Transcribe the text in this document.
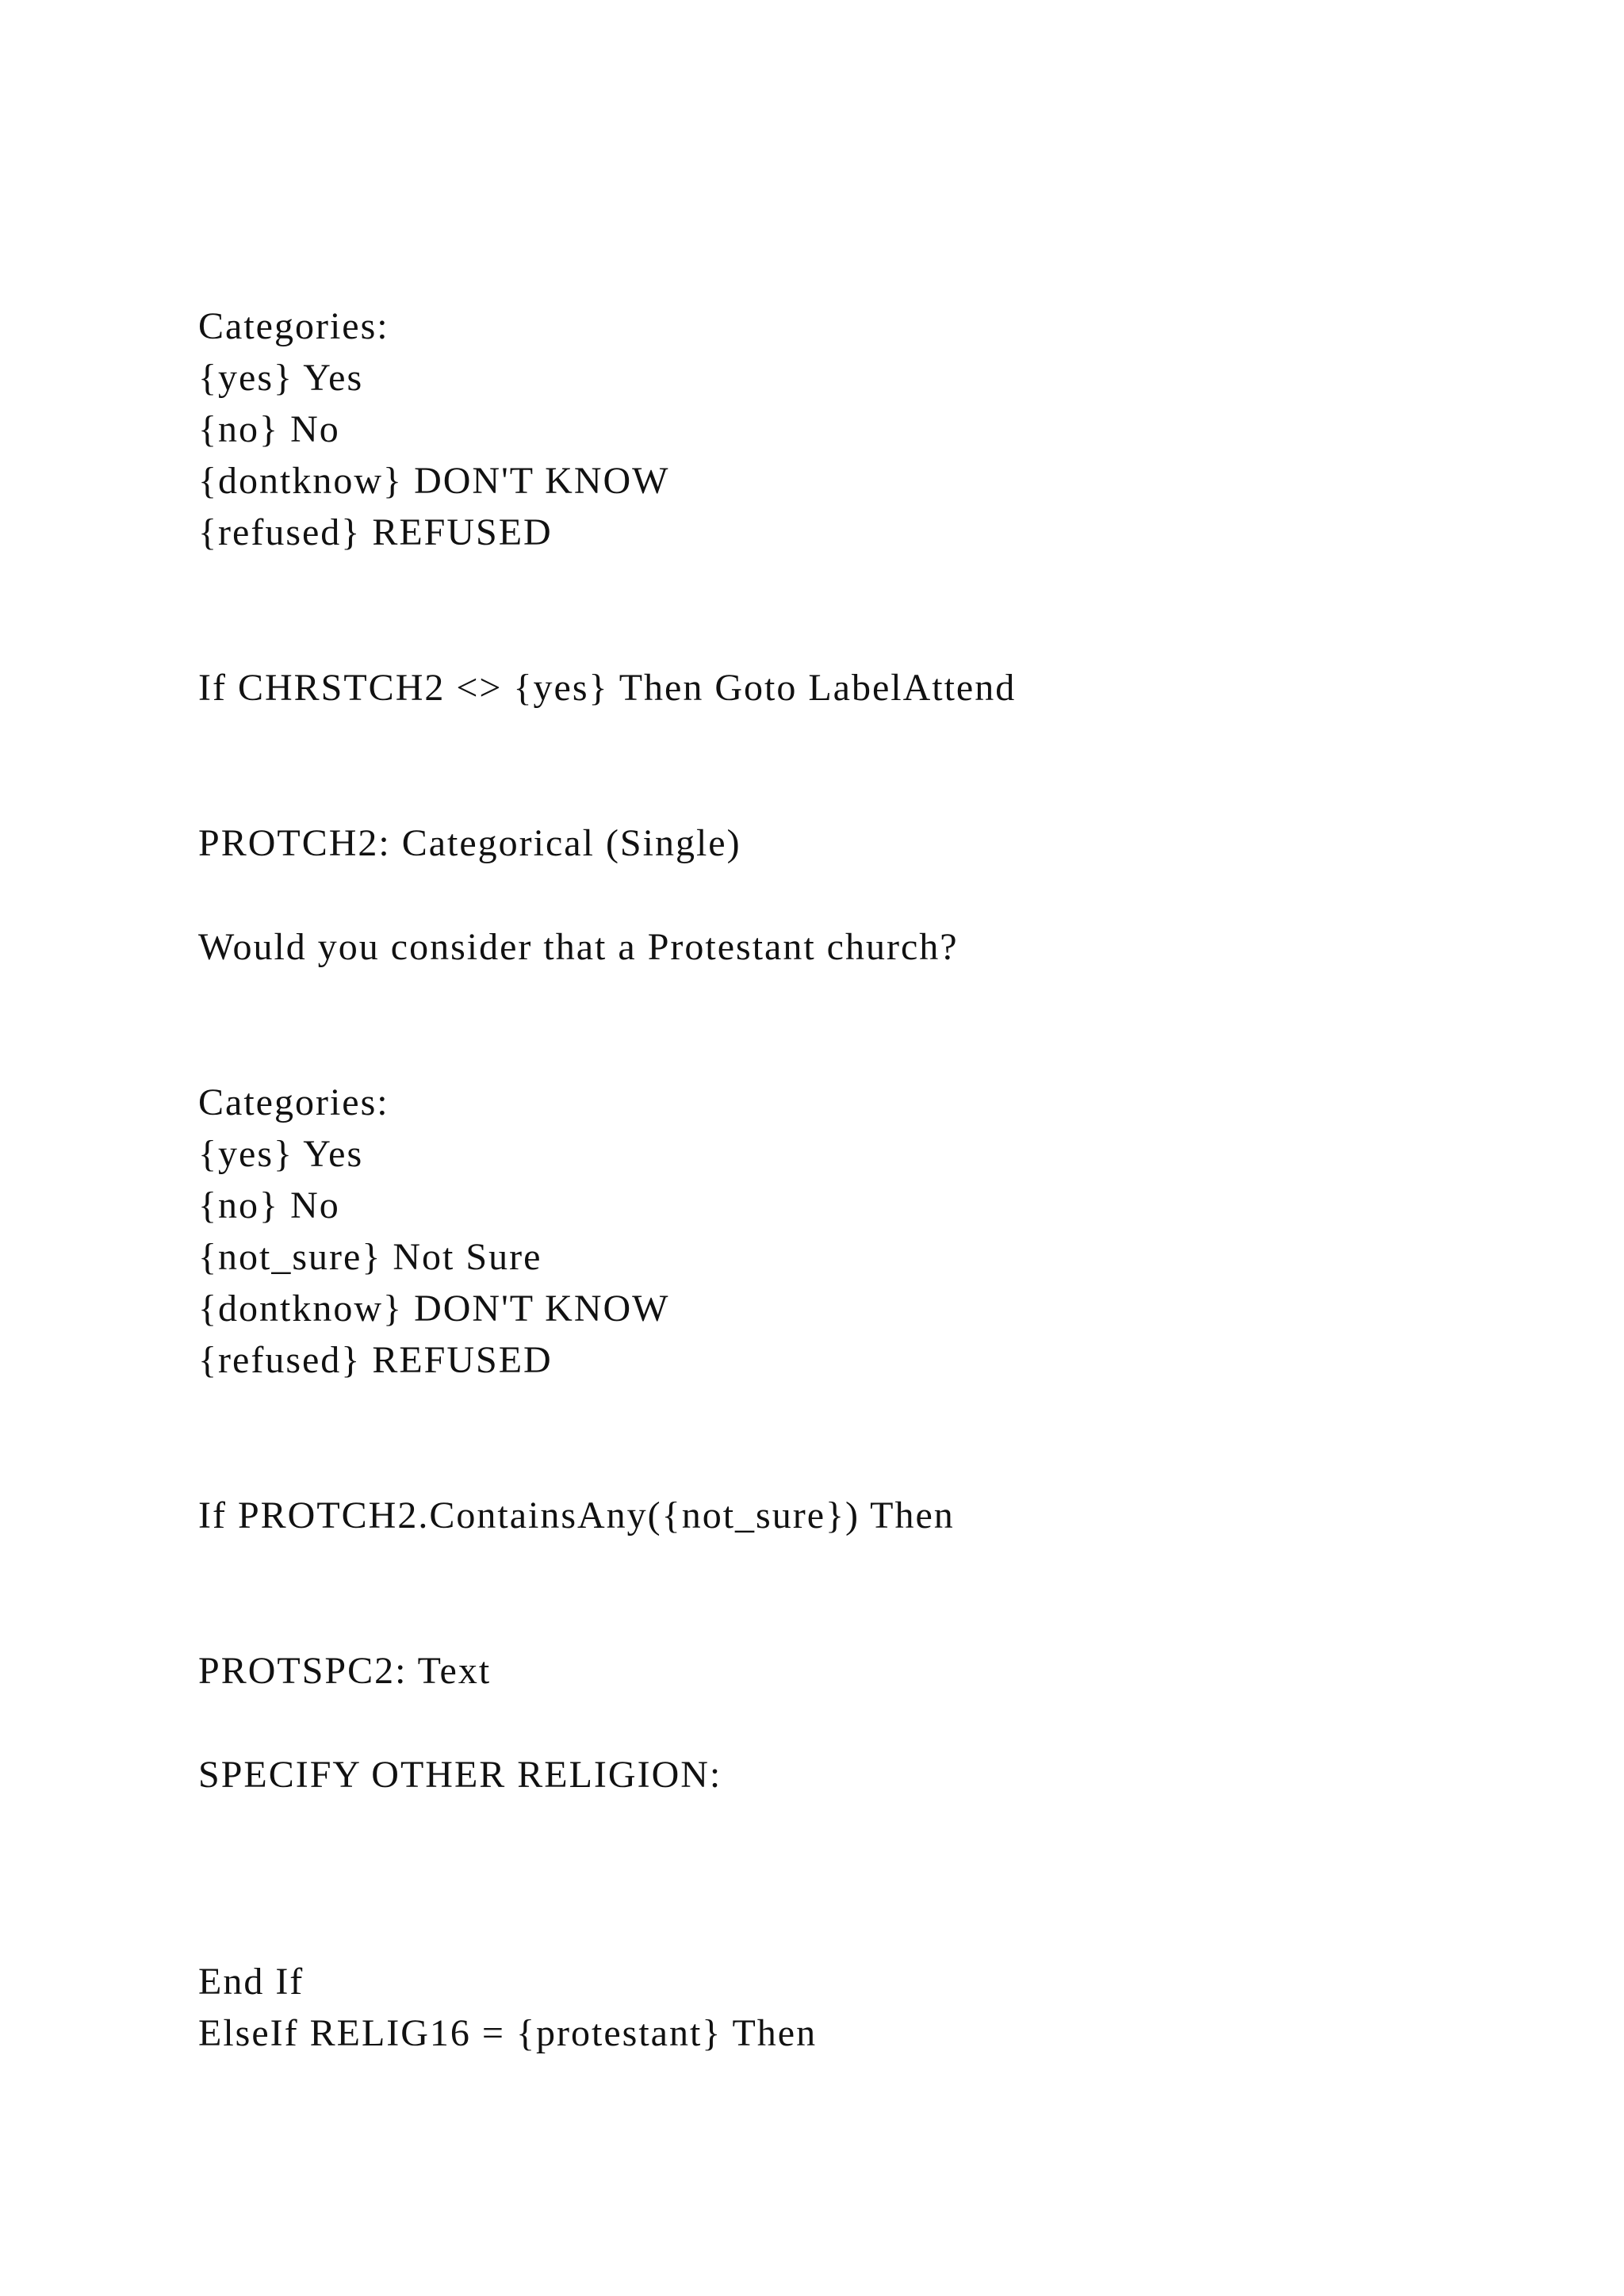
Categories:
{yes} Yes
{no} No
{dontknow} DON'T KNOW
{refused} REFUSED
If CHRSTCH2 <> {yes} Then Goto LabelAttend
PROTCH2: Categorical (Single)
Would you consider that a Protestant church?
Categories:
{yes} Yes
{no} No
{not_sure} Not Sure
{dontknow} DON'T KNOW
{refused} REFUSED
If PROTCH2.ContainsAny({not_sure}) Then
PROTSPC2: Text
SPECIFY OTHER RELIGION:
End If
ElseIf RELIG16 = {protestant} Then
